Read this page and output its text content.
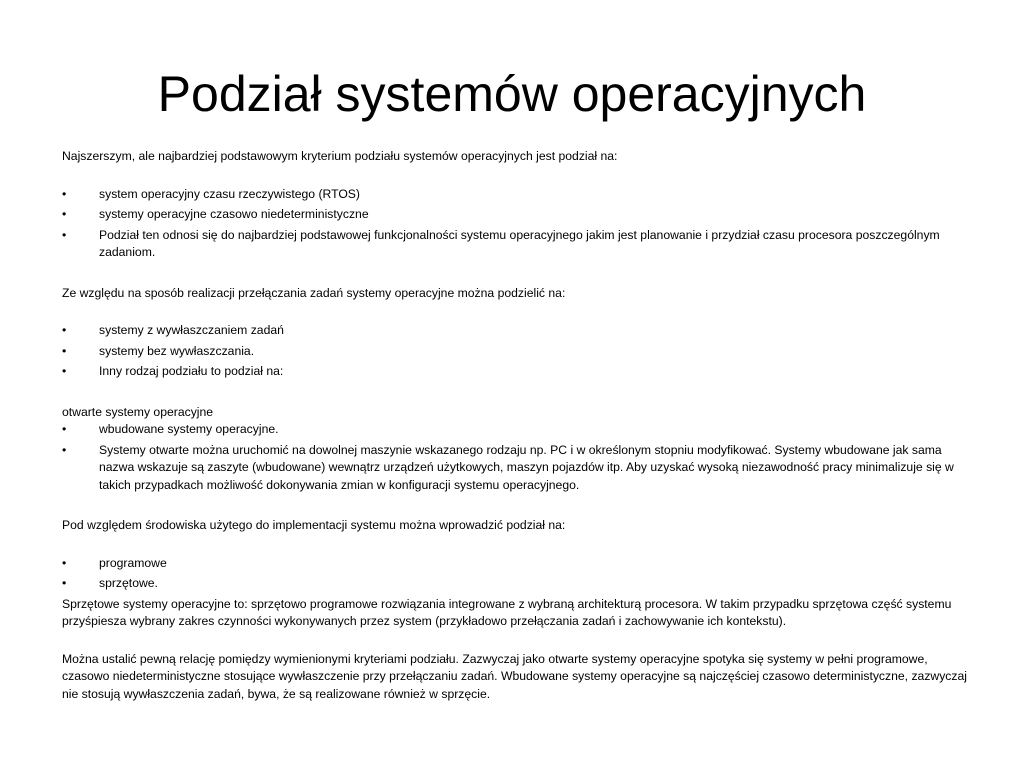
Podział systemów operacyjnych

Najszerszym, ale najbardziej podstawowym kryterium podziału systemów operacyjnych jest podział na:

•	system operacyjny czasu rzeczywistego (RTOS)
•	systemy operacyjne czasowo niedeterministyczne
•	Podział ten odnosi się do najbardziej podstawowej funkcjonalności systemu operacyjnego jakim jest planowanie i przydział czasu procesora poszczególnym zadaniom.

Ze względu na sposób realizacji przełączania zadań systemy operacyjne można podzielić na:

•	systemy z wywłaszczaniem zadań
•	systemy bez wywłaszczania.
•	Inny rodzaj podziału to podział na:

otwarte systemy operacyjne

•	wbudowane systemy operacyjne.
•	Systemy otwarte można uruchomić na dowolnej maszynie wskazanego rodzaju np. PC i w określonym stopniu modyfikować. Systemy wbudowane jak sama nazwa wskazuje są zaszyte (wbudowane) wewnątrz urządzeń użytkowych, maszyn pojazdów itp. Aby uzyskać wysoką niezawodność pracy minimalizuje się w takich przypadkach możliwość dokonywania zmian w konfiguracji systemu operacyjnego.

Pod względem środowiska użytego do implementacji systemu można wprowadzić podział na:

•	programowe
•	sprzętowe.

Sprzętowe systemy operacyjne to: sprzętowo programowe rozwiązania integrowane z wybraną architekturą procesora. W takim przypadku sprzętowa część systemu przyśpiesza wybrany zakres czynności wykonywanych przez system (przykładowo przełączania zadań i zachowywanie ich kontekstu).

Można ustalić pewną relację pomiędzy wymienionymi kryteriami podziału. Zazwyczaj jako otwarte systemy operacyjne spotyka się systemy w pełni programowe, czasowo niedeterministyczne stosujące wywłaszczenie przy przełączaniu zadań. Wbudowane systemy operacyjne są najczęściej czasowo deterministyczne, zazwyczaj nie stosują wywłaszczenia zadań, bywa, że są realizowane również w sprzęcie.
